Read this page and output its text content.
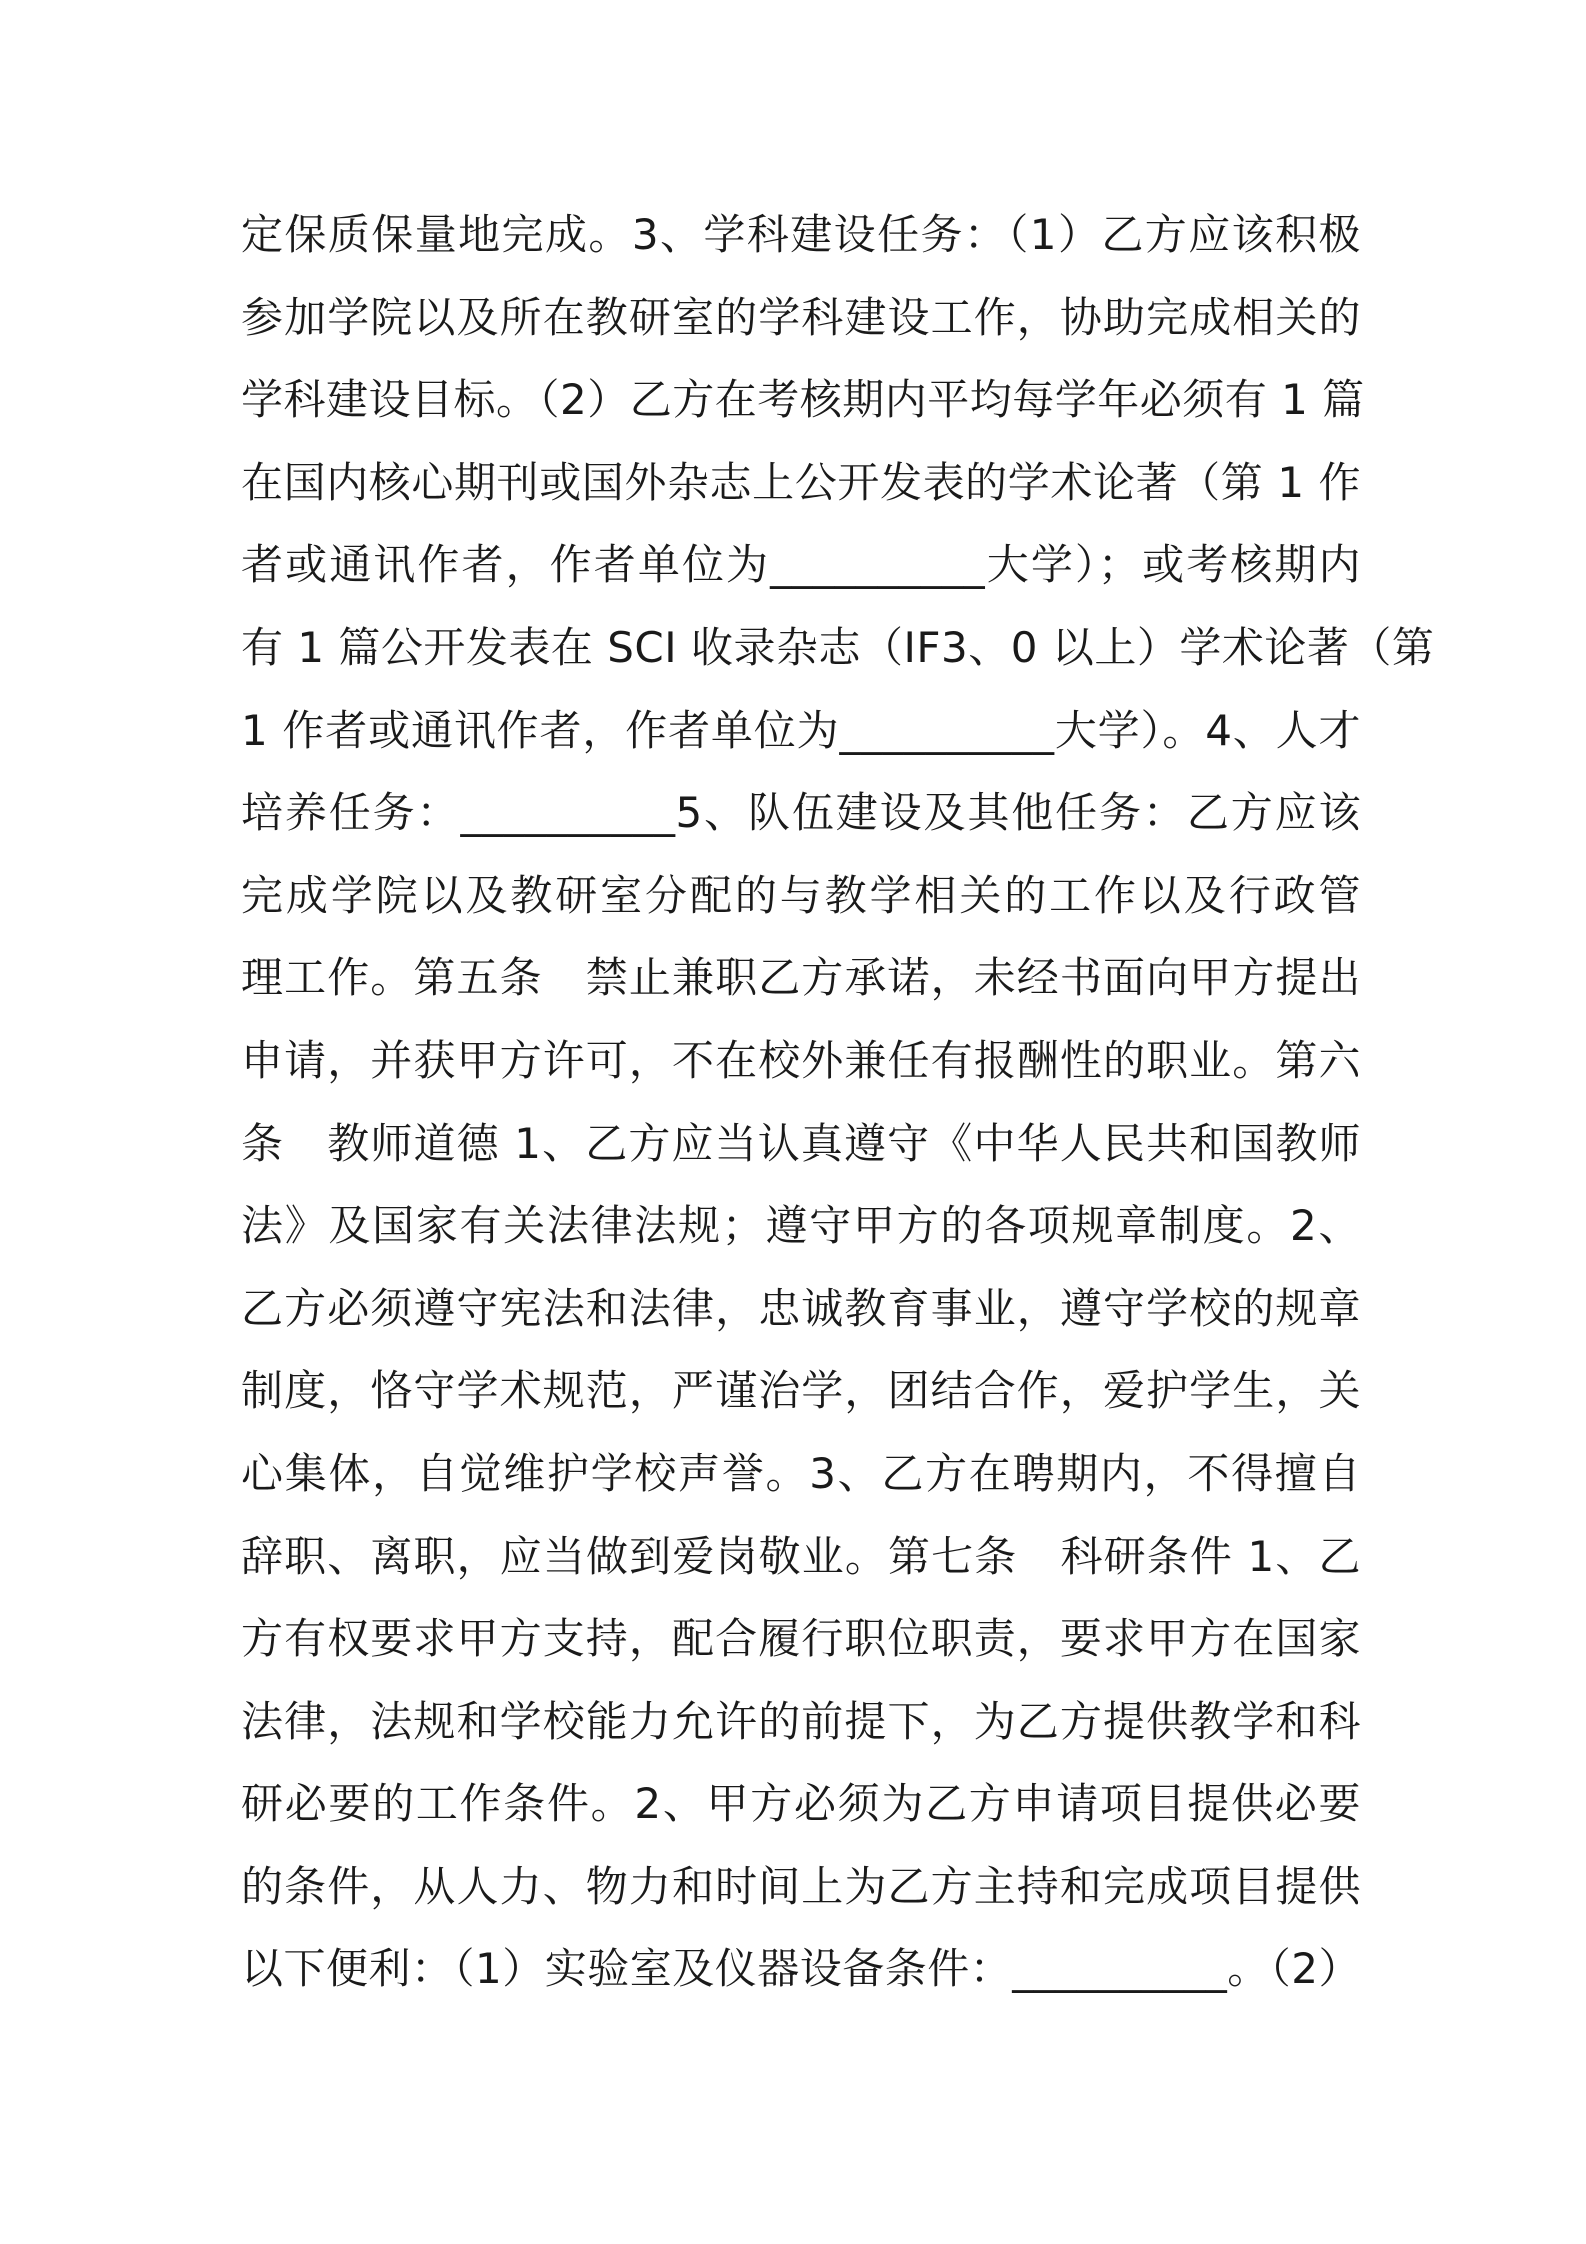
定保质保量地完成。3、学科建设任务：（1）乙方应该积极
参加学院以及所在教研室的学科建设工作，协助完成相关的
学科建设目标。（2）乙方在考核期内平均每学年必须有 1 篇
在国内核心期刊或国外杂志上公开发表的学术论著（第 1 作
者或通讯作者，作者单位为__________大学）；或考核期内
有 1 篇公开发表在 SCI 收录杂志（IF3、0 以上）学术论著（第
1 作者或通讯作者，作者单位为__________大学）。4、人才
培养任务：__________5、队伍建设及其他任务：乙方应该
完成学院以及教研室分配的与教学相关的工作以及行政管
理工作。第五条　禁止兼职乙方承诺，未经书面向甲方提出
申请，并获甲方许可，不在校外兼任有报酬性的职业。第六
条　教师道德 1、乙方应当认真遵守《中华人民共和国教师
法》及国家有关法律法规；遵守甲方的各项规章制度。2、
乙方必须遵守宪法和法律，忠诚教育事业，遵守学校的规章
制度，恪守学术规范，严谨治学，团结合作，爱护学生，关
心集体，自觉维护学校声誉。3、乙方在聘期内，不得擅自
辞职、离职，应当做到爱岗敬业。第七条　科研条件 1、乙
方有权要求甲方支持，配合履行职位职责，要求甲方在国家
法律，法规和学校能力允许的前提下，为乙方提供教学和科
研必要的工作条件。2、甲方必须为乙方申请项目提供必要
的条件，从人力、物力和时间上为乙方主持和完成项目提供
以下便利：（1）实验室及仪器设备条件：__________。（2）
